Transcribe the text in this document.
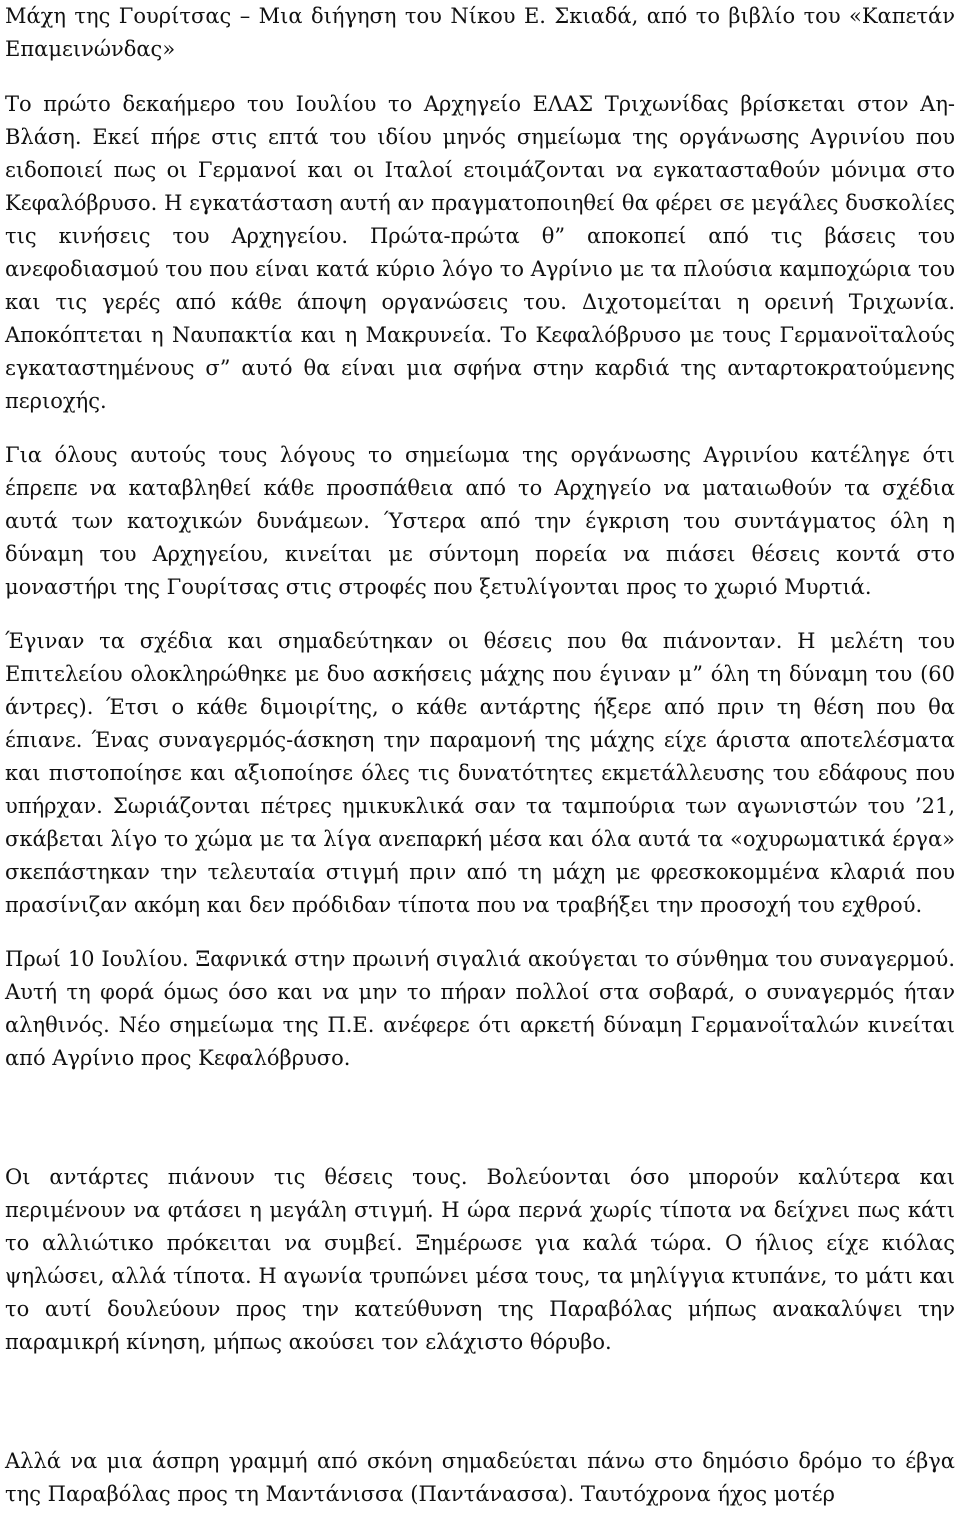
Μάχη της Γουρίτσας – Μια διήγηση του Νίκου Ε. Σκιαδά, από το βιβλίο του «Καπετάν Επαμεινώνδας»
Το πρώτο δεκαήμερο του Ιουλίου το Αρχηγείο ΕΛΑΣ Τριχωνίδας βρίσκεται στον Αη-Βλάση. Εκεί πήρε στις επτά του ιδίου μηνός σημείωμα της οργάνωσης Αγρινίου που ειδοποιεί πως οι Γερμανοί και οι Ιταλοί ετοιμάζονται να εγκατασταθούν μόνιμα στο Κεφαλόβρυσο. Η εγκατάσταση αυτή αν πραγματοποιηθεί θα φέρει σε μεγάλες δυσκολίες τις κινήσεις του Αρχηγείου. Πρώτα-πρώτα θ” αποκοπεί από τις βάσεις του ανεφοδιασμού του που είναι κατά κύριο λόγο το Αγρίνιο με τα πλούσια καμποχώρια του και τις γερές από κάθε άποψη οργανώσεις του. Διχοτομείται η ορεινή Τριχωνία. Αποκόπτεται η Ναυπακτία και η Μακρυνεία. Το Κεφαλόβρυσο με τους Γερμανοϊταλούς εγκαταστημένους σ” αυτό θα είναι μια σφήνα στην καρδιά της ανταρτοκρατούμενης περιοχής.
Για όλους αυτούς τους λόγους το σημείωμα της οργάνωσης Αγρινίου κατέληγε ότι έπρεπε να καταβληθεί κάθε προσπάθεια από το Αρχηγείο να ματαιωθούν τα σχέδια αυτά των κατοχικών δυνάμεων. Ύστερα από την έγκριση του συντάγματος όλη η δύναμη του Αρχηγείου, κινείται με σύντομη πορεία να πιάσει θέσεις κοντά στο μοναστήρι της Γουρίτσας στις στροφές που ξετυλίγονται προς το χωριό Μυρτιά.
Έγιναν τα σχέδια και σημαδεύτηκαν οι θέσεις που θα πιάνονταν. Η μελέτη του Επιτελείου ολοκληρώθηκε με δυο ασκήσεις μάχης που έγιναν μ” όλη τη δύναμη του (60 άντρες). Έτσι ο κάθε διμοιρίτης, ο κάθε αντάρτης ήξερε από πριν τη θέση που θα έπιανε. Ένας συναγερμός-άσκηση την παραμονή της μάχης είχε άριστα αποτελέσματα και πιστοποίησε και αξιοποίησε όλες τις δυνατότητες εκμετάλλευσης του εδάφους που υπήρχαν. Σωριάζονται πέτρες ημικυκλικά σαν τα ταμπούρια των αγωνιστών του ’21, σκάβεται λίγο το χώμα με τα λίγα ανεπαρκή μέσα και όλα αυτά τα «οχυρωματικά έργα» σκεπάστηκαν την τελευταία στιγμή πριν από τη μάχη με φρεσκοκομμένα κλαριά που πρασίνιζαν ακόμη και δεν πρόδιδαν τίποτα που να τραβήξει την προσοχή του εχθρού.
Πρωί 10 Ιουλίου. Ξαφνικά στην πρωινή σιγαλιά ακούγεται το σύνθημα του συναγερμού. Αυτή τη φορά όμως όσο και να μην το πήραν πολλοί στα σοβαρά, ο συναγερμός ήταν αληθινός. Νέο σημείωμα της Π.Ε. ανέφερε ότι αρκετή δύναμη Γερμανοΐταλών κινείται από Αγρίνιο προς Κεφαλόβρυσο.
Οι αντάρτες πιάνουν τις θέσεις τους. Βολεύονται όσο μπορούν καλύτερα και περιμένουν να φτάσει η μεγάλη στιγμή. Η ώρα περνά χωρίς τίποτα να δείχνει πως κάτι το αλλιώτικο πρόκειται να συμβεί. Ξημέρωσε για καλά τώρα. Ο ήλιος είχε κιόλας ψηλώσει, αλλά τίποτα. Η αγωνία τρυπώνει μέσα τους, τα μηλίγγια κτυπάνε, το μάτι και το αυτί δουλεύουν προς την κατεύθυνση της Παραβόλας μήπως ανακαλύψει την παραμικρή κίνηση, μήπως ακούσει τον ελάχιστο θόρυβο.
Αλλά να μια άσπρη γραμμή από σκόνη σημαδεύεται πάνω στο δημόσιο δρόμο το έβγα της Παραβόλας προς τη Μαντάνισσα (Παντάνασσα). Ταυτόχρονα ήχος μοτέρ
